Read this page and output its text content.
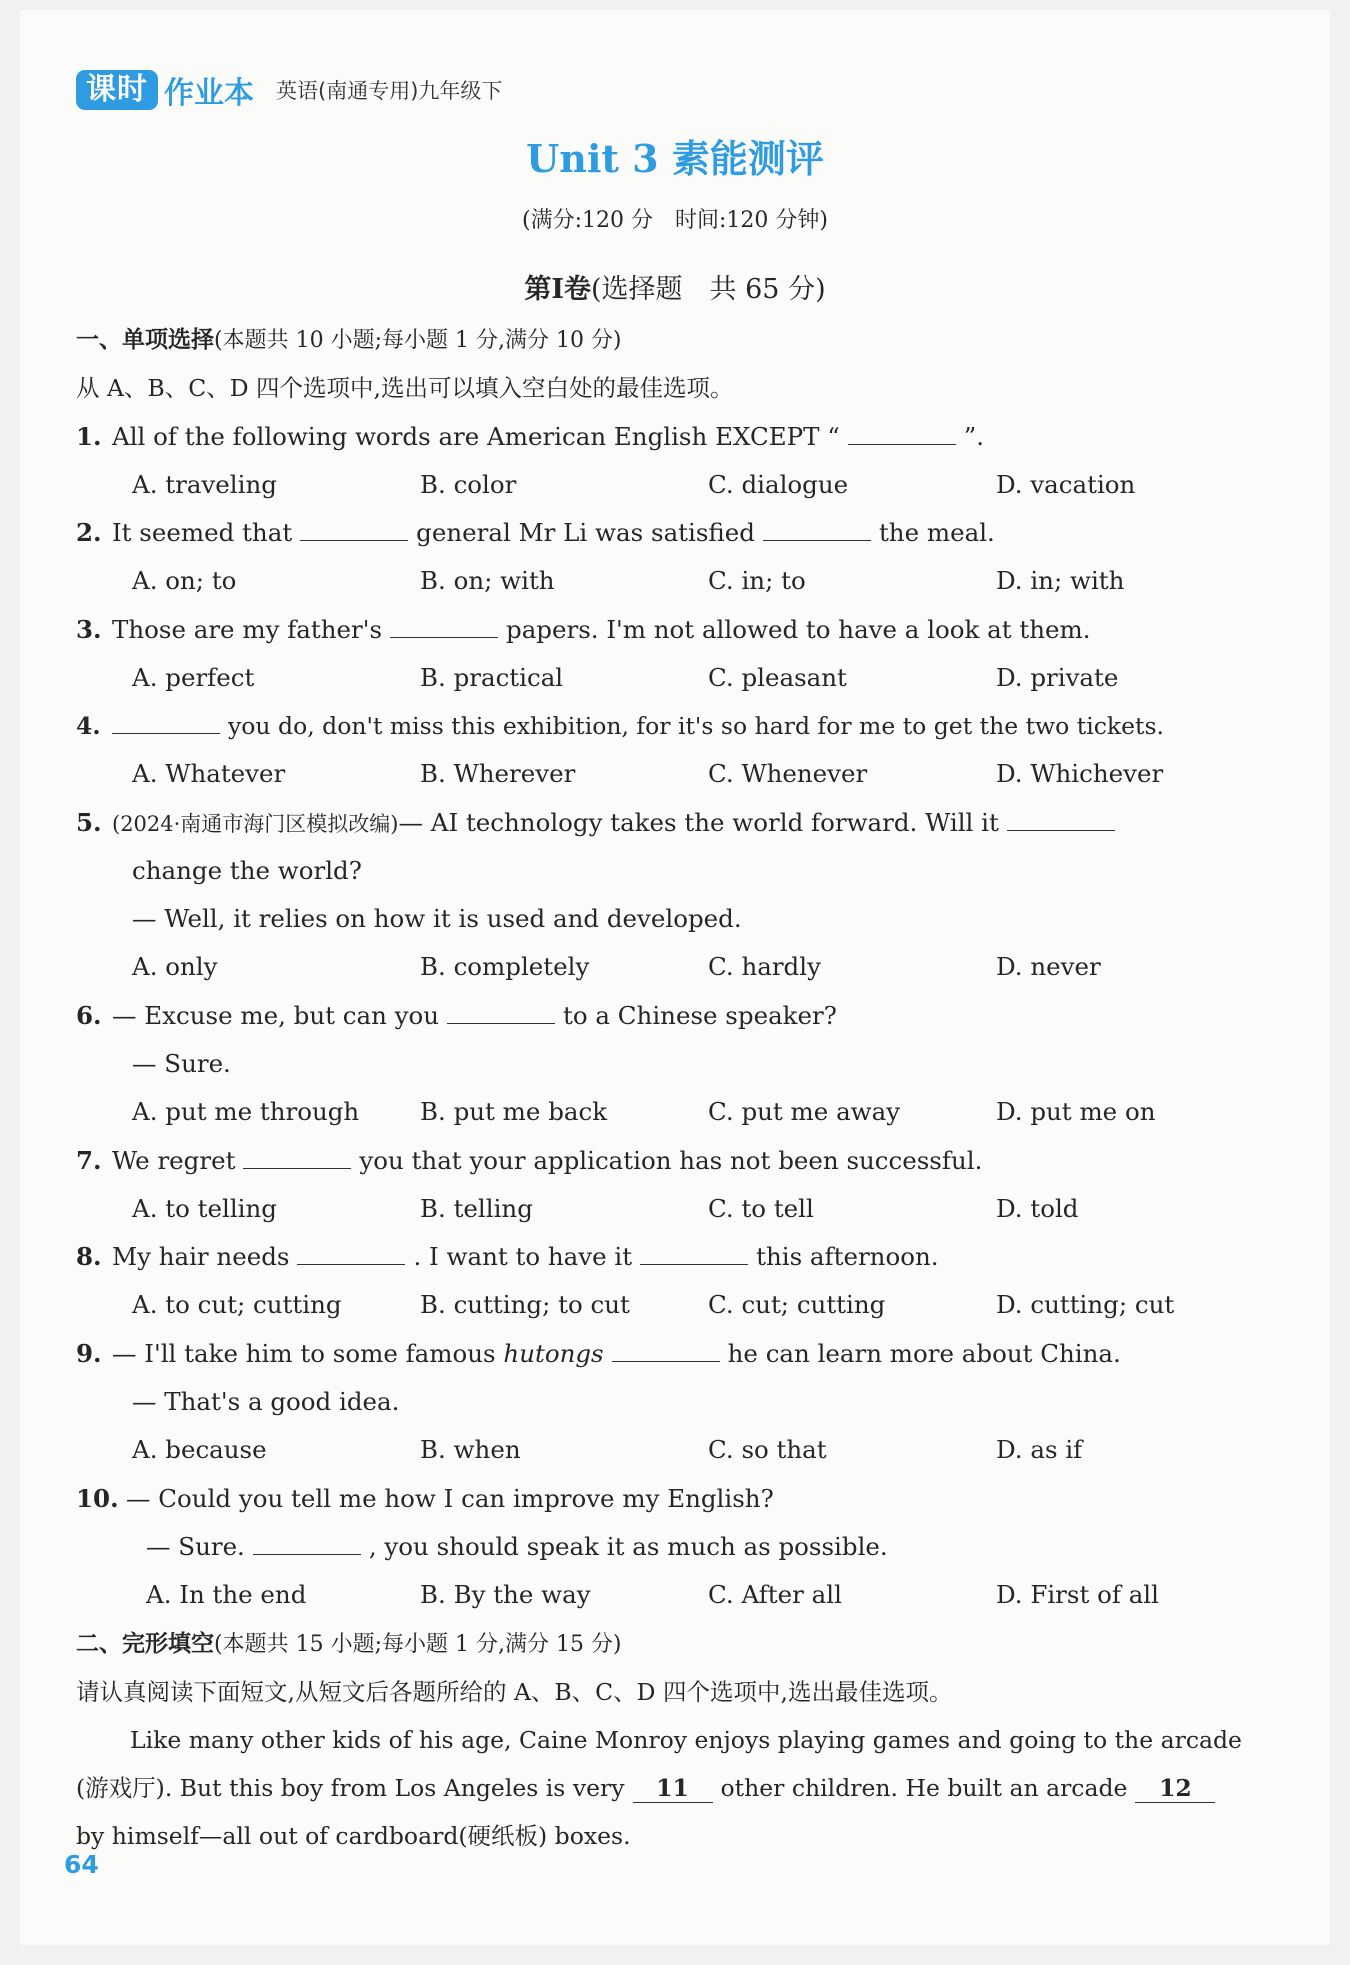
课时 作业本 英语(南通专用)九年级下
Unit 3 素能测评
(满分:120 分　时间:120 分钟)
第Ⅰ卷(选择题　共 65 分)
一、单项选择(本题共 10 小题;每小题 1 分,满分 10 分)
从 A、B、C、D 四个选项中,选出可以填入空白处的最佳选项。
1. All of the following words are American English EXCEPT “	”.
A. traveling	B. color	C. dialogue	D. vacation
2. It seemed that	general Mr Li was satisfied	the meal.
A. on; to	B. on; with	C. in; to	D. in; with
3. Those are my father's	papers. I'm not allowed to have a look at them.
A. perfect	B. practical	C. pleasant	D. private
4.	you do, don't miss this exhibition, for it's so hard for me to get the two tickets.
A. Whatever	B. Wherever	C. Whenever	D. Whichever
5. (2024·南通市海门区模拟改编)— AI technology takes the world forward. Will it
change the world?
— Well, it relies on how it is used and developed.
A. only	B. completely	C. hardly	D. never
6. — Excuse me, but can you	to a Chinese speaker?
— Sure.
A. put me through B. put me back	C. put me away	D. put me on
7. We regret	you that your application has not been successful.
A. to telling	B. telling	C. to tell	D. told
8. My hair needs	. I want to have it	this afternoon.
A. to cut; cutting	B. cutting; to cut	C. cut; cutting	D. cutting; cut
9. — I'll take him to some famous hutongs	he can learn more about China.
— That's a good idea.
A. because	B. when	C. so that	D. as if
10. — Could you tell me how I can improve my English?
— Sure.	, you should speak it as much as possible.
A. In the end	B. By the way	C. After all	D. First of all
二、完形填空(本题共 15 小题;每小题 1 分,满分 15 分)
请认真阅读下面短文,从短文后各题所给的 A、B、C、D 四个选项中,选出最佳选项。
Like many other kids of his age, Caine Monroy enjoys playing games and going to the arcade
(游戏厅). But this boy from Los Angeles is very 11 other children. He built an arcade 12
by himself—all out of cardboard(硬纸板) boxes.
64
